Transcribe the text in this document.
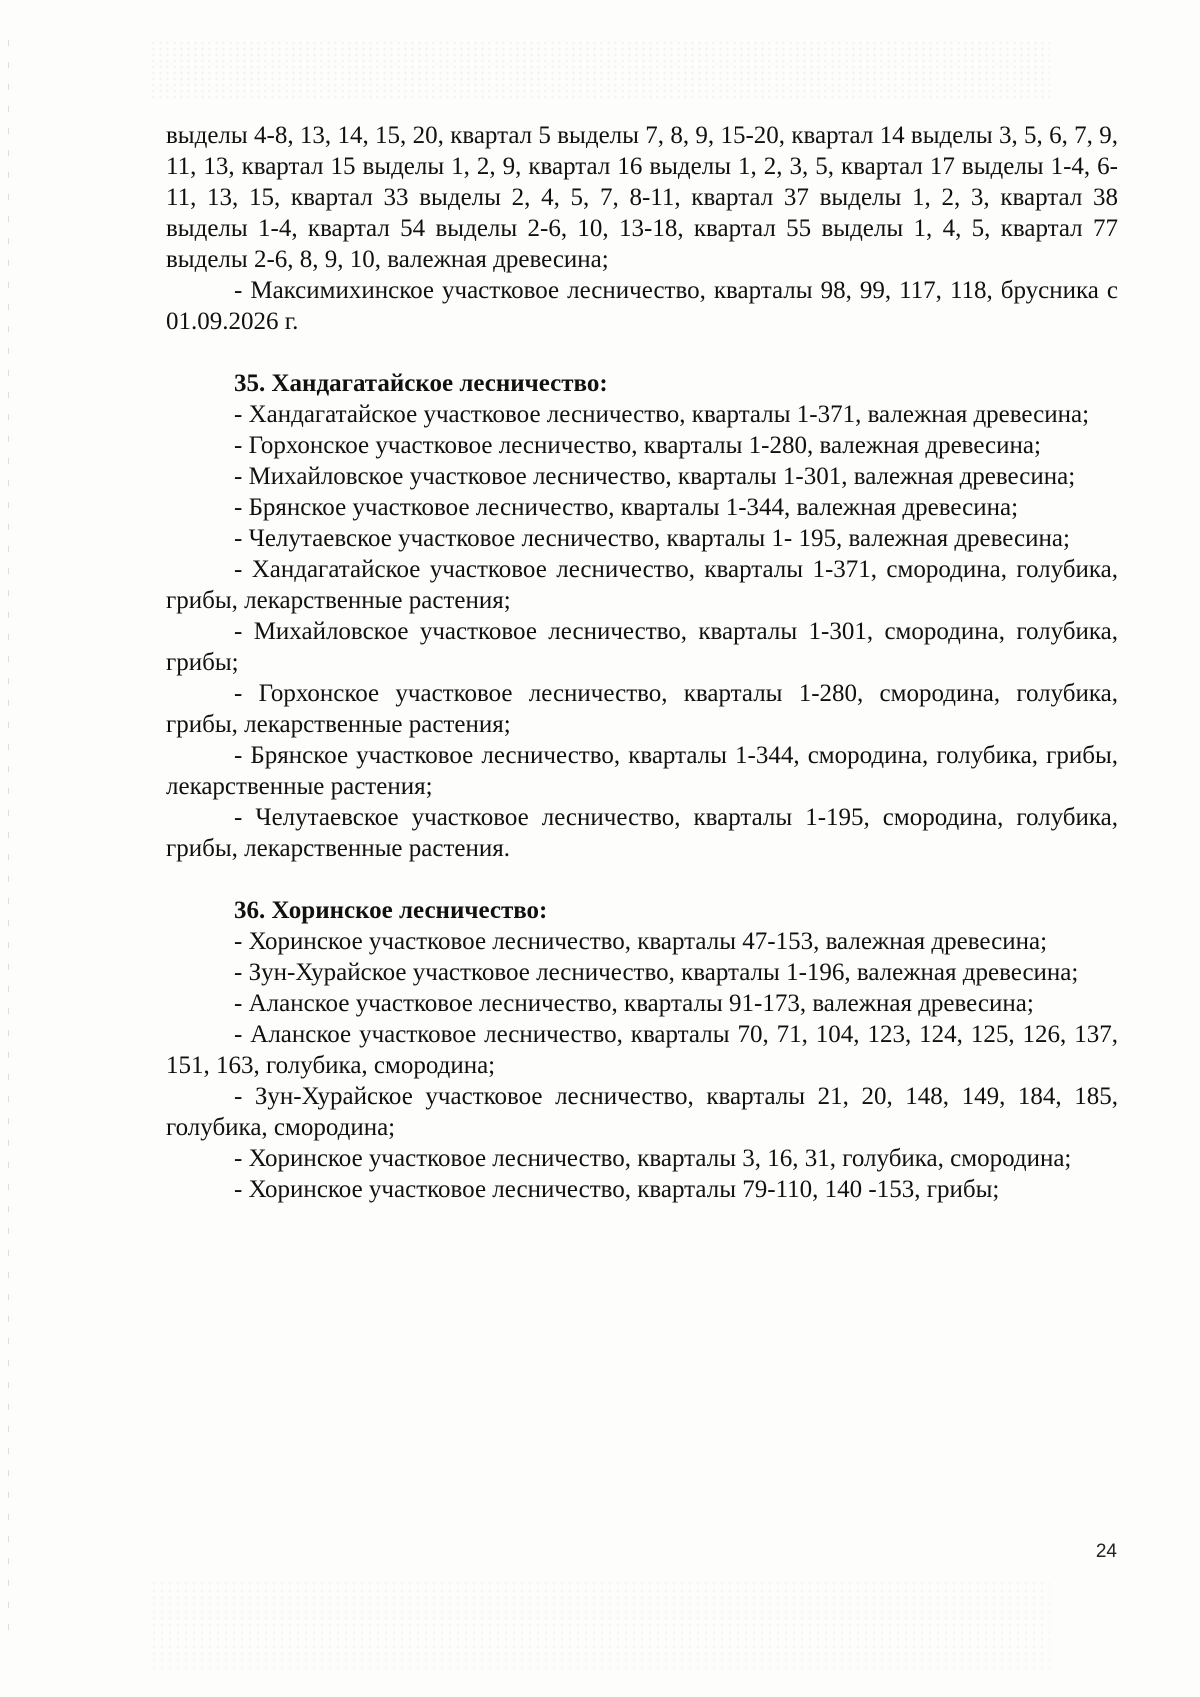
выделы 4-8, 13, 14, 15, 20, квартал 5 выделы 7, 8, 9, 15-20, квартал 14 выделы 3, 5, 6, 7, 9, 11, 13, квартал 15 выделы 1, 2, 9, квартал 16 выделы 1, 2, 3, 5, квартал 17 выделы 1-4, 6-11, 13, 15, квартал 33 выделы 2, 4, 5, 7, 8-11, квартал 37 выделы 1, 2, 3, квартал 38 выделы 1-4, квартал 54 выделы 2-6, 10, 13-18, квартал 55 выделы 1, 4, 5, квартал 77 выделы 2-6, 8, 9, 10, валежная древесина;

- Максимихинское участковое лесничество, кварталы 98, 99, 117, 118, брусника с 01.09.2026 г.

35. Хандагатайское лесничество:

- Хандагатайское участковое лесничество, кварталы 1-371, валежная древесина;

- Горхонское участковое лесничество, кварталы 1-280, валежная древесина;

- Михайловское участковое лесничество, кварталы 1-301, валежная древесина;

- Брянское участковое лесничество, кварталы 1-344, валежная древесина;

- Челутаевское участковое лесничество, кварталы 1- 195, валежная древесина;

- Хандагатайское участковое лесничество, кварталы 1-371, смородина, голубика, грибы, лекарственные растения;

- Михайловское участковое лесничество, кварталы 1-301, смородина, голубика, грибы;

- Горхонское участковое лесничество, кварталы 1-280, смородина, голубика, грибы, лекарственные растения;

- Брянское участковое лесничество, кварталы 1-344, смородина, голубика, грибы, лекарственные растения;

- Челутаевское участковое лесничество, кварталы 1-195, смородина, голубика, грибы, лекарственные растения.

36. Хоринское лесничество:

- Хоринское участковое лесничество, кварталы 47-153, валежная древесина;

- Зун-Хурайское участковое лесничество, кварталы 1-196, валежная древесина;

- Аланское участковое лесничество, кварталы 91-173, валежная древесина;

- Аланское участковое лесничество, кварталы 70, 71, 104, 123, 124, 125, 126, 137, 151, 163, голубика, смородина;

- Зун-Хурайское участковое лесничество, кварталы 21, 20, 148, 149, 184, 185, голубика, смородина;

- Хоринское участковое лесничество, кварталы 3, 16, 31, голубика, смородина;

- Хоринское участковое лесничество, кварталы 79-110, 140 -153, грибы;

24
